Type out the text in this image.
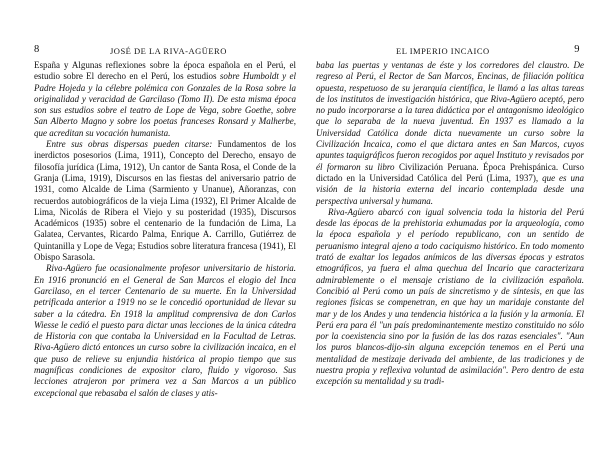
8	JOSÉ DE LA RIVA-AGÜERO

España y Algunas reflexiones sobre la época española en el Perú, el estudio sobre El derecho en el Perú, los estudios sobre Humboldt y el Padre Hojeda y la célebre polémica con Gonzales de la Rosa sobre la originalidad y veracidad de Garcilaso (Tomo II). De esta misma época son sus estudios sobre el teatro de Lope de Vega, sobre Goethe, sobre San Alberto Magno y sobre los poetas franceses Ronsard y Malherbe, que acreditan su vocación humanista.

Entre sus obras dispersas pueden citarse: Fundamentos de los inerdictos posesorios (Lima, 1911), Concepto del Derecho, ensayo de filosofía jurídica (Lima, 1912), Un cantor de Santa Rosa, el Conde de la Granja (Lima, 1919), Discursos en las fiestas del aniversario patrio de 1931, como Alcalde de Lima (Sarmiento y Unanue), Añoranzas, con recuerdos autobiográficos de la vieja Lima (1932), El Primer Alcalde de Lima, Nicolás de Ribera el Viejo y su posteridad (1935), Discursos Académicos (1935) sobre el centenario de la fundación de Lima, La Galatea, Cervantes, Ricardo Palma, Enrique A. Carrillo, Gutiérrez de Quintanilla y Lope de Vega; Estudios sobre literatura francesa (1941), El Obispo Sarasola.

Riva-Agüero fue ocasionalmente profesor universitario de historia. En 1916 pronunció en el General de San Marcos el elogio del Inca Garcilaso, en el tercer Centenario de su muerte. En la Universidad petrificada anterior a 1919 no se le concedió oportunidad de llevar su saber a la cátedra. En 1918 la amplitud comprensiva de don Carlos Wiesse le cedió el puesto para dictar unas lecciones de la única cátedra de Historia con que contaba la Universidad en la Facultad de Letras. Riva-Agüero dictó entonces un curso sobre la civilización incaica, en el que puso de relieve su enjundia histórica al propio tiempo que sus magníficas condiciones de expositor claro, fluido y vigoroso. Sus lecciones atrajeron por primera vez a San Marcos a un público excepcional que rebasaba el salón de clases y atis-

EL IMPERIO INCAICO	9

baba las puertas y ventanas de éste y los corredores del claustro. De regreso al Perú, el Rector de San Marcos, Encinas, de filiación política opuesta, respetuoso de su jerarquía científica, le llamó a las altas tareas de los institutos de investigación histórica, que Riva-Agüero aceptó, pero no pudo incorporarse a la tarea didáctica por el antagonismo ideológico que lo separaba de la nueva juventud. En 1937 es llamado a la Universidad Católica donde dicta nuevamente un curso sobre la Civilización Incaica, como el que dictara antes en San Marcos, cuyos apuntes taquigráficos fueron recogidos por aquel Instituto y revisados por él formaron su libro Civilización Peruana. Época Prehispánica. Curso dictado en la Universidad Católica del Perú (Lima, 1937), que es una visión de la historia externa del incario contemplada desde una perspectiva universal y humana.

Riva-Agüero abarcó con igual solvencia toda la historia del Perú desde las épocas de la prehistoria exhumadas por la arqueología, como la época española y el período republicano, con un sentido de peruanismo integral ajeno a todo caciquismo histórico. En todo momento trató de exaltar los legados anímicos de las diversas épocas y estratos etnográficos, ya fuera el alma quechua del Incario que caracterizara admirablemente o el mensaje cristiano de la civilización española. Concibió al Perú como un país de sincretismo y de síntesis, en que las regiones físicas se compenetran, en que hay un maridaje constante del mar y de los Andes y una tendencia histórica a la fusión y la armonía. El Perú era para él "un país predominantemente mestizo constituido no sólo por la coexistencia sino por la fusión de las dos razas esenciales". "Aun los puros blancos-dijo-sin alguna excepción tenemos en el Perú una mentalidad de mestizaje derivada del ambiente, de las tradiciones y de nuestra propia y reflexiva voluntad de asimilación". Pero dentro de esta excepción su mentalidad y su tradi-
